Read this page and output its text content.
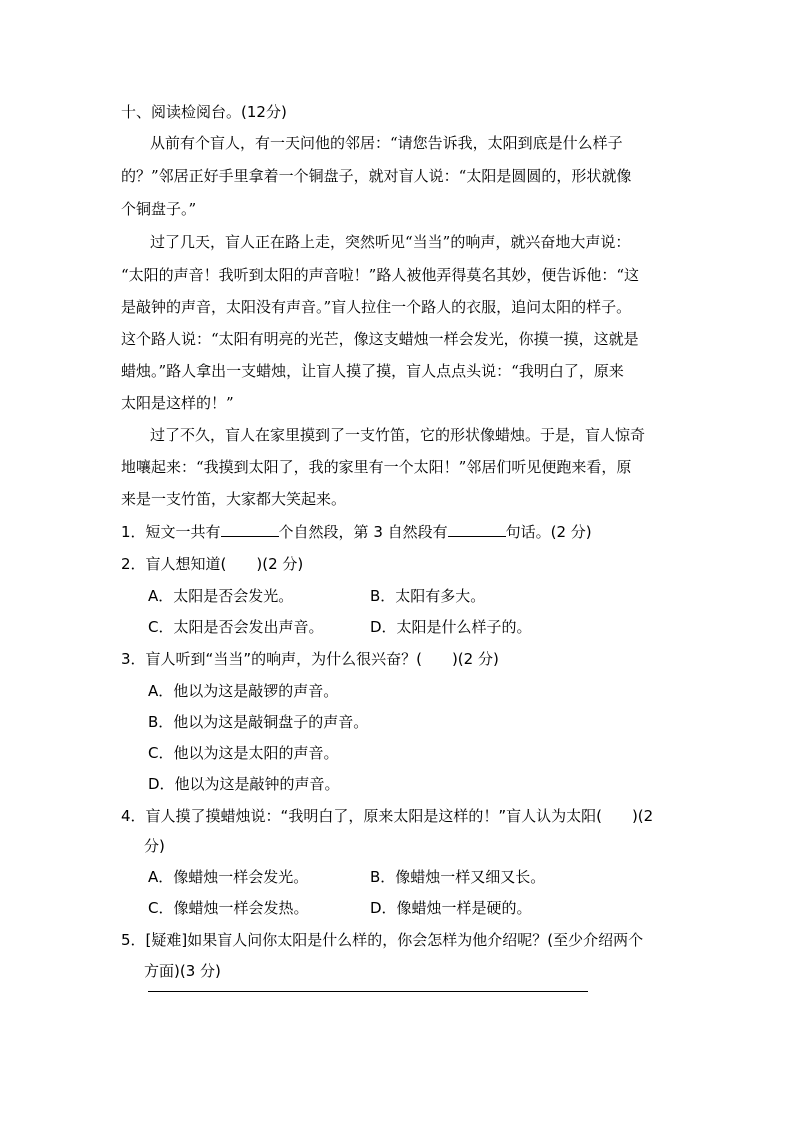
十、阅读检阅台。(12分)
从前有个盲人，有一天问他的邻居：“请您告诉我，太阳到底是什么样子
的？”邻居正好手里拿着一个铜盘子，就对盲人说：“太阳是圆圆的，形状就像
个铜盘子。”
过了几天，盲人正在路上走，突然听见“当当”的响声，就兴奋地大声说：
“太阳的声音！我听到太阳的声音啦！”路人被他弄得莫名其妙，便告诉他：“这
是敲钟的声音，太阳没有声音。”盲人拉住一个路人的衣服，追问太阳的样子。
这个路人说：“太阳有明亮的光芒，像这支蜡烛一样会发光，你摸一摸，这就是
蜡烛。”路人拿出一支蜡烛，让盲人摸了摸，盲人点点头说：“我明白了，原来
太阳是这样的！”
过了不久，盲人在家里摸到了一支竹笛，它的形状像蜡烛。于是，盲人惊奇
地嚷起来：“我摸到太阳了，我的家里有一个太阳！”邻居们听见便跑来看，原
来是一支竹笛，大家都大笑起来。
1．短文一共有	个自然段，第 3 自然段有	句话。(2 分)
2．盲人想知道(　　)(2 分)
A．太阳是否会发光。	B．太阳有多大。
C．太阳是否会发出声音。	D．太阳是什么样子的。
3．盲人听到“当当”的响声，为什么很兴奋？(　　)(2 分)
A．他以为这是敲锣的声音。
B．他以为这是敲铜盘子的声音。
C．他以为这是太阳的声音。
D．他以为这是敲钟的声音。
4．盲人摸了摸蜡烛说：“我明白了，原来太阳是这样的！”盲人认为太阳(　　)(2
分)
A．像蜡烛一样会发光。	B．像蜡烛一样又细又长。
C．像蜡烛一样会发热。	D．像蜡烛一样是硬的。
5．[疑难]如果盲人问你太阳是什么样的，你会怎样为他介绍呢？(至少介绍两个
方面)(3 分)
